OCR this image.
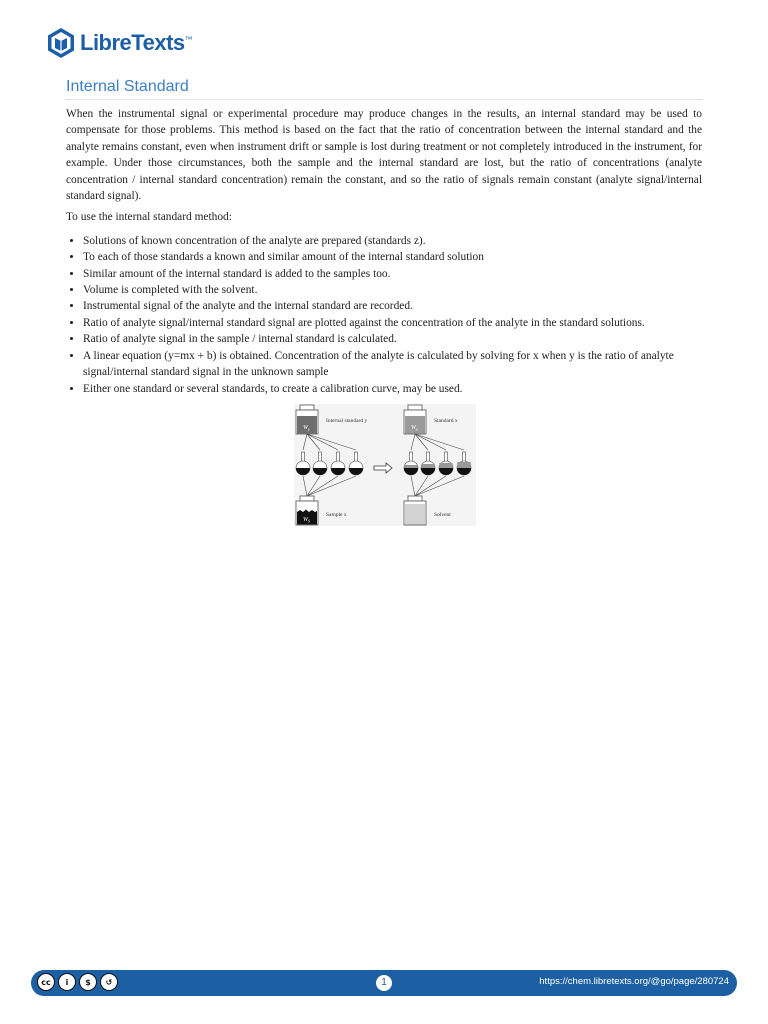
LibreTexts ™
Internal Standard

When the instrumental signal or experimental procedure may produce changes in the results, an internal standard may be used to compensate for those problems. This method is based on the fact that the ratio of concentration between the internal standard and the analyte remains constant, even when instrument drift or sample is lost during treatment or not completely introduced in the instrument, for example. Under those circumstances, both the sample and the internal standard are lost, but the ratio of concentrations (analyte concentration / internal standard concentration) remain the constant, and so the ratio of signals remain constant (analyte signal/internal standard signal).

To use the internal standard method:

• Solutions of known concentration of the analyte are prepared (standards z).
• To each of those standards a known and similar amount of the internal standard solution
• Similar amount of the internal standard is added to the samples too.
• Volume is completed with the solvent.
• Instrumental signal of the analyte and the internal standard are recorded.
• Ratio of analyte signal/internal standard signal are plotted against the concentration of the analyte in the standard solutions.
• Ratio of analyte signal in the sample / internal standard is calculated.
• A linear equation (y=mx + b) is obtained. Concentration of the analyte is calculated by solving for x when y is the ratio of analyte signal/internal standard signal in the unknown sample
• Either one standard or several standards, to create a calibration curve, may be used.
$W_y$
Internal standard y
$W_x$
Standard x
$W_S$
Sample x	Solvent
cc	i	$	↺	1	https://chem.libretexts.org/@go/page/280724
